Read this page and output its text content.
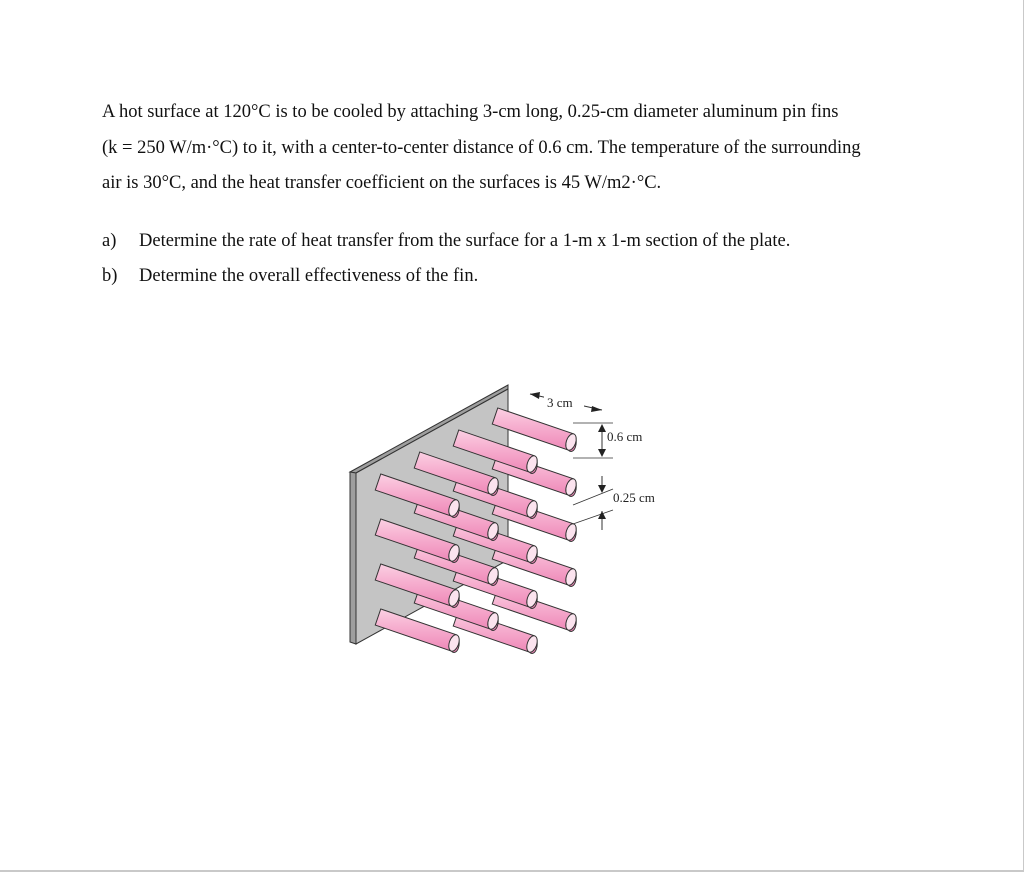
A hot surface at 120°C is to be cooled by attaching 3-cm long, 0.25-cm diameter aluminum pin fins
(k = 250 W/m·°C) to it, with a center-to-center distance of 0.6 cm. The temperature of the surrounding
air is 30°C, and the heat transfer coefficient on the surfaces is 45 W/m2·°C.

a)	Determine the rate of heat transfer from the surface for a 1-m x 1-m section of the plate.
b)	Determine the overall effectiveness of the fin.
3 cm
0.6 cm
0.25 cm
